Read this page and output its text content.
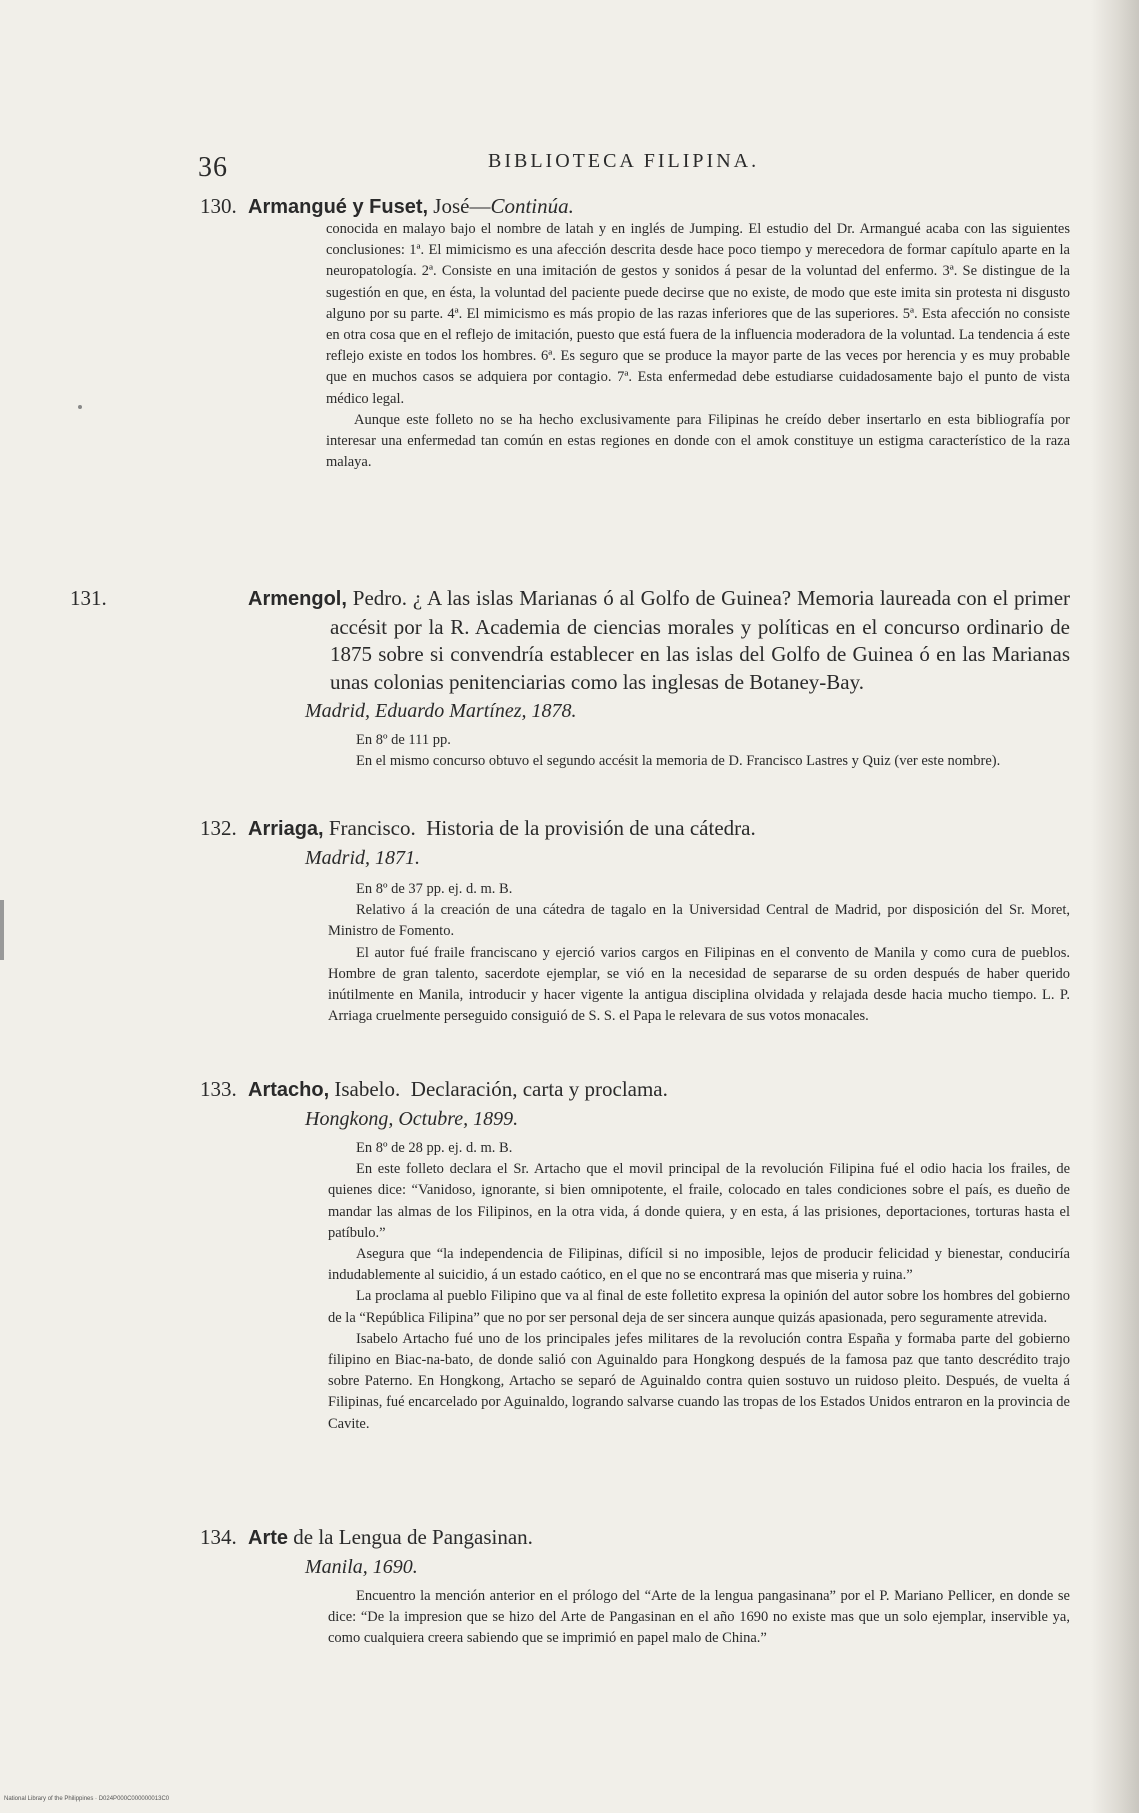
36	BIBLIOTECA FILIPINA.
130. Armangué y Fuset, José—Continúa.

conocida en malayo bajo el nombre de latah y en inglés de Jumping. El estudio del Dr. Armangué acaba con las siguientes conclusiones: 1ª. El mimicismo es una afección descrita desde hace poco tiempo y merecedora de formar capítulo aparte en la neuropatología. 2ª. Consiste en una imitación de gestos y sonidos á pesar de la voluntad del enfermo. 3ª. Se distingue de la sugestión en que, en ésta, la voluntad del paciente puede decirse que no existe, de modo que este imita sin protesta ni disgusto alguno por su parte. 4ª. El mimicismo es más propio de las razas inferiores que de las superiores. 5ª. Esta afección no consiste en otra cosa que en el reflejo de imitación, puesto que está fuera de la influencia moderadora de la voluntad. La tendencia á este reflejo existe en todos los hombres. 6ª. Es seguro que se produce la mayor parte de las veces por herencia y es muy probable que en muchos casos se adquiera por contagio. 7ª. Esta enfermedad debe estudiarse cuidadosamente bajo el punto de vista médico legal.

Aunque este folleto no se ha hecho exclusivamente para Filipinas he creído deber insertarlo en esta bibliografía por interesar una enfermedad tan común en estas regiones en donde con el amok constituye un estigma característico de la raza malaya.

131.	Armengol, Pedro. ¿ A las islas Marianas ó al Golfo de Guinea? Memoria laureada con el primer accésit por la R. Academia de ciencias morales y políticas en el concurso ordinario de 1875 sobre si convendría establecer en las islas del Golfo de Guinea ó en las Marianas unas colonias penitenciarias como las inglesas de Botaney-Bay.
Madrid, Eduardo Martínez, 1878.

En 8º de 111 pp.

En el mismo concurso obtuvo el segundo accésit la memoria de D. Francisco Lastres y Quiz (ver este nombre).

132. Arriaga, Francisco. Historia de la provisión de una cátedra.
Madrid, 1871.

En 8º de 37 pp. ej. d. m. B.

Relativo á la creación de una cátedra de tagalo en la Universidad Central de Madrid, por disposición del Sr. Moret, Ministro de Fomento.

El autor fué fraile franciscano y ejerció varios cargos en Filipinas en el convento de Manila y como cura de pueblos. Hombre de gran talento, sacerdote ejemplar, se vió en la necesidad de separarse de su orden después de haber querido inútilmente en Manila, introducir y hacer vigente la antigua disciplina olvidada y relajada desde hacia mucho tiempo. L. P. Arriaga cruelmente perseguido consiguió de S. S. el Papa le relevara de sus votos monacales.

133. Artacho, Isabelo. Declaración, carta y proclama.
Hongkong, Octubre, 1899.

En 8º de 28 pp. ej. d. m. B.

En este folleto declara el Sr. Artacho que el movil principal de la revolución Filipina fué el odio hacia los frailes, de quienes dice: “Vanidoso, ignorante, si bien omnipotente, el fraile, colocado en tales condiciones sobre el país, es dueño de mandar las almas de los Filipinos, en la otra vida, á donde quiera, y en esta, á las prisiones, deportaciones, torturas hasta el patíbulo.”

Asegura que “la independencia de Filipinas, difícil si no imposible, lejos de producir felicidad y bienestar, conduciría indudablemente al suicidio, á un estado caótico, en el que no se encontrará mas que miseria y ruina.”

La proclama al pueblo Filipino que va al final de este folletito expresa la opinión del autor sobre los hombres del gobierno de la “República Filipina” que no por ser personal deja de ser sincera aunque quizás apasionada, pero seguramente atrevida.

Isabelo Artacho fué uno de los principales jefes militares de la revolución contra España y formaba parte del gobierno filipino en Biac-na-bato, de donde salió con Aguinaldo para Hongkong después de la famosa paz que tanto descrédito trajo sobre Paterno. En Hongkong, Artacho se separó de Aguinaldo contra quien sostuvo un ruidoso pleito. Después, de vuelta á Filipinas, fué encarcelado por Aguinaldo, logrando salvarse cuando las tropas de los Estados Unidos entraron en la provincia de Cavite.

134. Arte de la Lengua de Pangasinan.
Manila, 1690.

Encuentro la mención anterior en el prólogo del “Arte de la lengua pangasinana” por el P. Mariano Pellicer, en donde se dice: “De la impresion que se hizo del Arte de Pangasinan en el año 1690 no existe mas que un solo ejemplar, inservible ya, como cualquiera creera sabiendo que se imprimió en papel malo de China.”

National Library of the Philippines · D024P000C000000013C0
